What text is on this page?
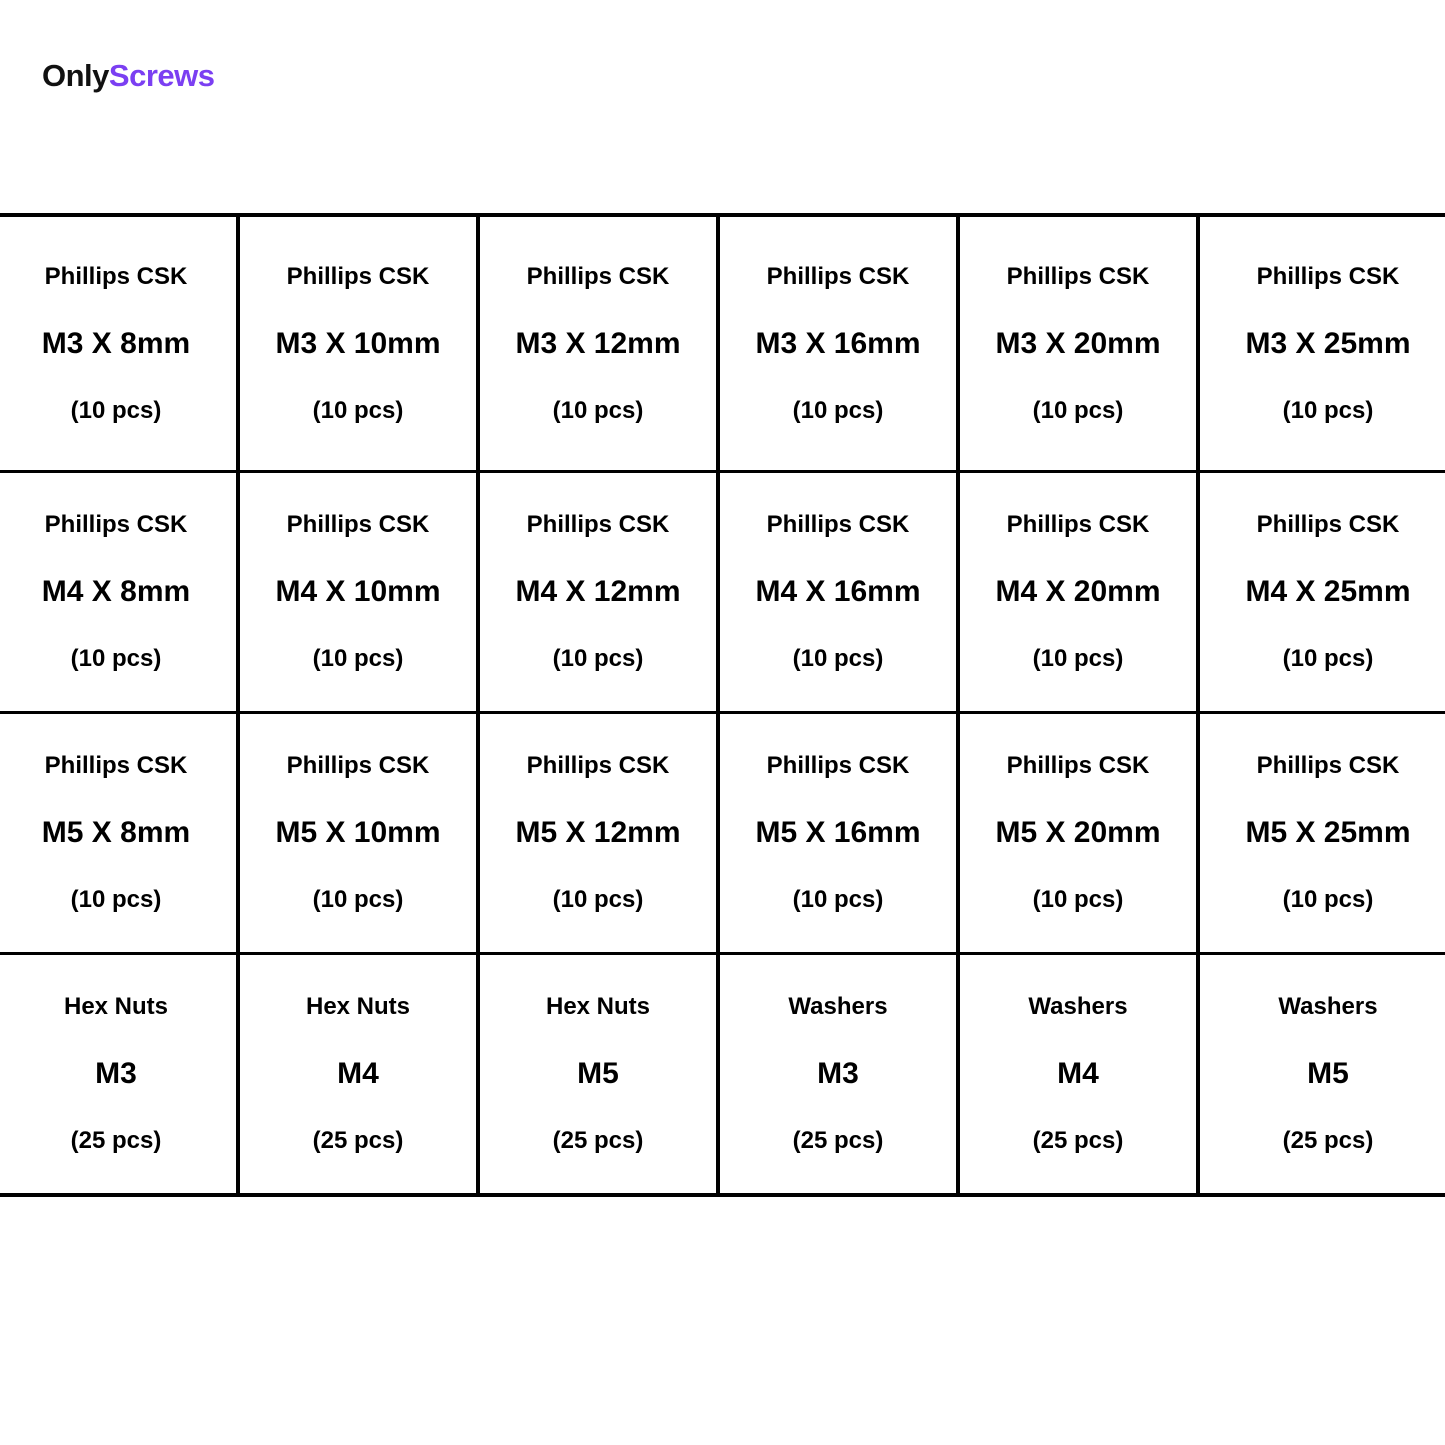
OnlyScrews
Phillips CSK
M3 X 8mm
(10 pcs)
Phillips CSK
M3 X 10mm
(10 pcs)
Phillips CSK
M3 X 12mm
(10 pcs)
Phillips CSK
M3 X 16mm
(10 pcs)
Phillips CSK
M3 X 20mm
(10 pcs)
Phillips CSK
M3 X 25mm
(10 pcs)
Phillips CSK
M4 X 8mm
(10 pcs)
Phillips CSK
M4 X 10mm
(10 pcs)
Phillips CSK
M4 X 12mm
(10 pcs)
Phillips CSK
M4 X 16mm
(10 pcs)
Phillips CSK
M4 X 20mm
(10 pcs)
Phillips CSK
M4 X 25mm
(10 pcs)
Phillips CSK
M5 X 8mm
(10 pcs)
Phillips CSK
M5 X 10mm
(10 pcs)
Phillips CSK
M5 X 12mm
(10 pcs)
Phillips CSK
M5 X 16mm
(10 pcs)
Phillips CSK
M5 X 20mm
(10 pcs)
Phillips CSK
M5 X 25mm
(10 pcs)
Hex Nuts
M3
(25 pcs)
Hex Nuts
M4
(25 pcs)
Hex Nuts
M5
(25 pcs)
Washers
M3
(25 pcs)
Washers
M4
(25 pcs)
Washers
M5
(25 pcs)
